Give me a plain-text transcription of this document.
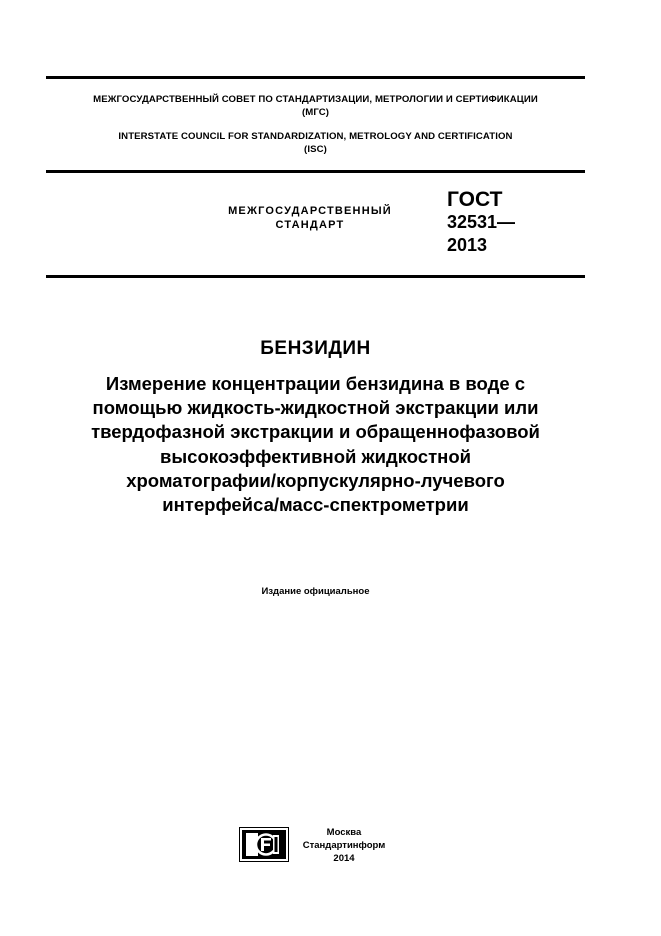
МЕЖГОСУДАРСТВЕННЫЙ СОВЕТ ПО СТАНДАРТИЗАЦИИ, МЕТРОЛОГИИ И СЕРТИФИКАЦИИ
(МГС)
INTERSTATE COUNCIL FOR STANDARDIZATION, METROLOGY AND CERTIFICATION
(ISC)
МЕЖГОСУДАРСТВЕННЫЙ
СТАНДАРТ
ГОСТ
32531—
2013
БЕНЗИДИН
Измерение концентрации бензидина в воде с
помощью жидкость-жидкостной экстракции или
твердофазной экстракции и обращеннофазовой
высокоэффективной жидкостной
хроматографии/корпускулярно-лучевого
интерфейса/масс-спектрометрии
Издание официальное
Москва
Стандартинформ
2014
